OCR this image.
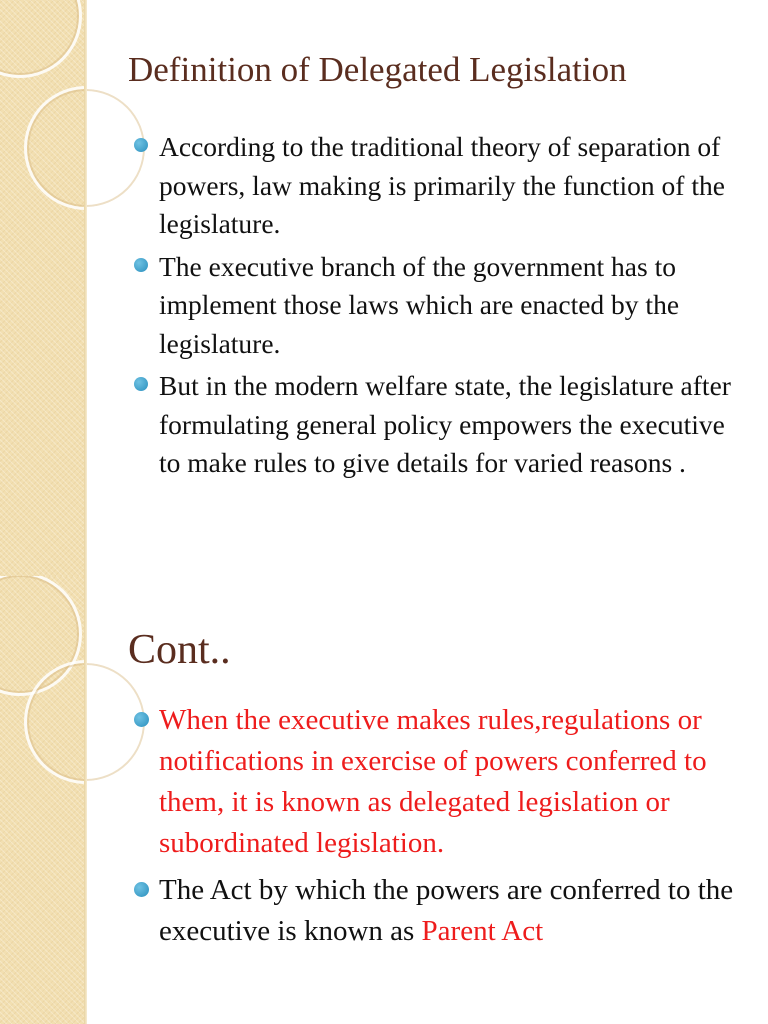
Definition of Delegated Legislation
According to the traditional theory of separation of powers, law making is primarily the function of the legislature.
The executive branch of the government has to implement those laws which are enacted by the legislature.
But in the modern welfare state, the legislature after formulating general policy empowers the executive to make rules to give details for varied reasons .
Cont..
When the executive makes rules,regulations or notifications in exercise of powers conferred to them, it is known as delegated legislation or subordinated legislation.
The Act by which the powers are conferred to the executive is known as Parent Act
